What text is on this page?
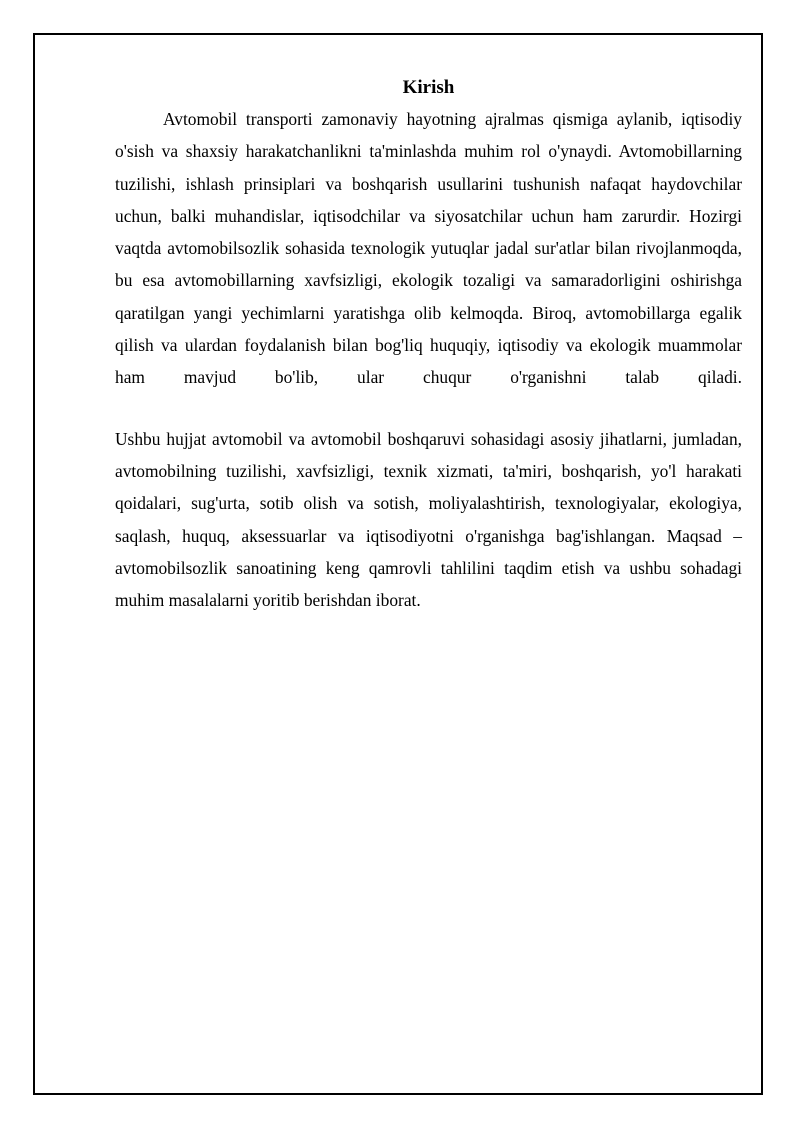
Kirish

Avtomobil transporti zamonaviy hayotning ajralmas qismiga aylanib, iqtisodiy o'sish va shaxsiy harakatchanlikni ta'minlashda muhim rol o'ynaydi. Avtomobillarning tuzilishi, ishlash prinsiplari va boshqarish usullarini tushunish nafaqat haydovchilar uchun, balki muhandislar, iqtisodchilar va siyosatchilar uchun ham zarurdir. Hozirgi vaqtda avtomobilsozlik sohasida texnologik yutuqlar jadal sur'atlar bilan rivojlanmoqda, bu esa avtomobillarning xavfsizligi, ekologik tozaligi va samaradorligini oshirishga qaratilgan yangi yechimlarni yaratishga olib kelmoqda. Biroq, avtomobillarga egalik qilish va ulardan foydalanish bilan bog'liq huquqiy, iqtisodiy va ekologik muammolar ham mavjud bo'lib, ular chuqur o'rganishni talab qiladi.

Ushbu hujjat avtomobil va avtomobil boshqaruvi sohasidagi asosiy jihatlarni, jumladan, avtomobilning tuzilishi, xavfsizligi, texnik xizmati, ta'miri, boshqarish, yo'l harakati qoidalari, sug'urta, sotib olish va sotish, moliyalashtirish, texnologiyalar, ekologiya, saqlash, huquq, aksessuarlar va iqtisodiyotni o'rganishga bag'ishlangan. Maqsad – avtomobilsozlik sanoatining keng qamrovli tahlilini taqdim etish va ushbu sohadagi muhim masalalarni yoritib berishdan iborat.
